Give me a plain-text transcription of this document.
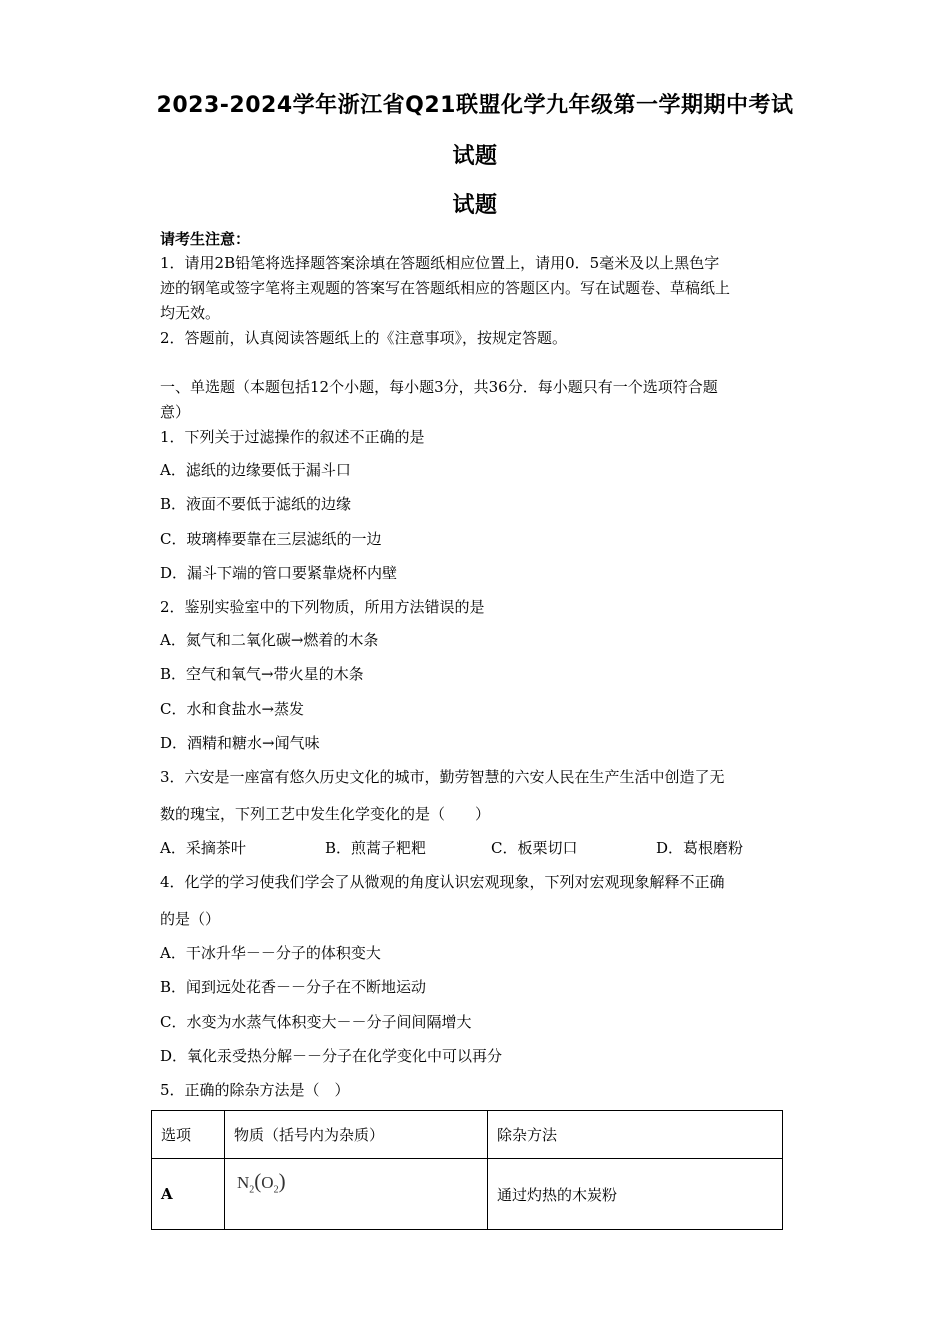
2023-2024学年浙江省Q21联盟化学九年级第一学期期中考试
试题
试题
请考生注意：
1．请用2B铅笔将选择题答案涂填在答题纸相应位置上，请用0．5毫米及以上黑色字
迹的钢笔或签字笔将主观题的答案写在答题纸相应的答题区内。写在试题卷、草稿纸上
均无效。
2．答题前，认真阅读答题纸上的《注意事项》，按规定答题。
一、单选题（本题包括12个小题，每小题3分，共36分．每小题只有一个选项符合题
意）
1．下列关于过滤操作的叙述不正确的是
A．滤纸的边缘要低于漏斗口
B．液面不要低于滤纸的边缘
C．玻璃棒要靠在三层滤纸的一边
D．漏斗下端的管口要紧靠烧杯内壁
2．鉴别实验室中的下列物质，所用方法错误的是
A．氮气和二氧化碳→燃着的木条
B．空气和氧气→带火星的木条
C．水和食盐水→蒸发
D．酒精和糖水→闻气味
3．六安是一座富有悠久历史文化的城市，勤劳智慧的六安人民在生产生活中创造了无
数的瑰宝，下列工艺中发生化学变化的是（　　）
A．采摘茶叶	B．煎蒿子粑粑	C．板栗切口	D．葛根磨粉
4．化学的学习使我们学会了从微观的角度认识宏观现象，下列对宏观现象解释不正确
的是（）
A．干冰升华－－分子的体积变大
B．闻到远处花香－－分子在不断地运动
C．水变为水蒸气体积变大－－分子间间隔增大
D．氧化汞受热分解－－分子在化学变化中可以再分
5．正确的除杂方法是（　）
选项	物质（括号内为杂质）	除杂方法
A	$N_2(O_2)$	通过灼热的木炭粉
